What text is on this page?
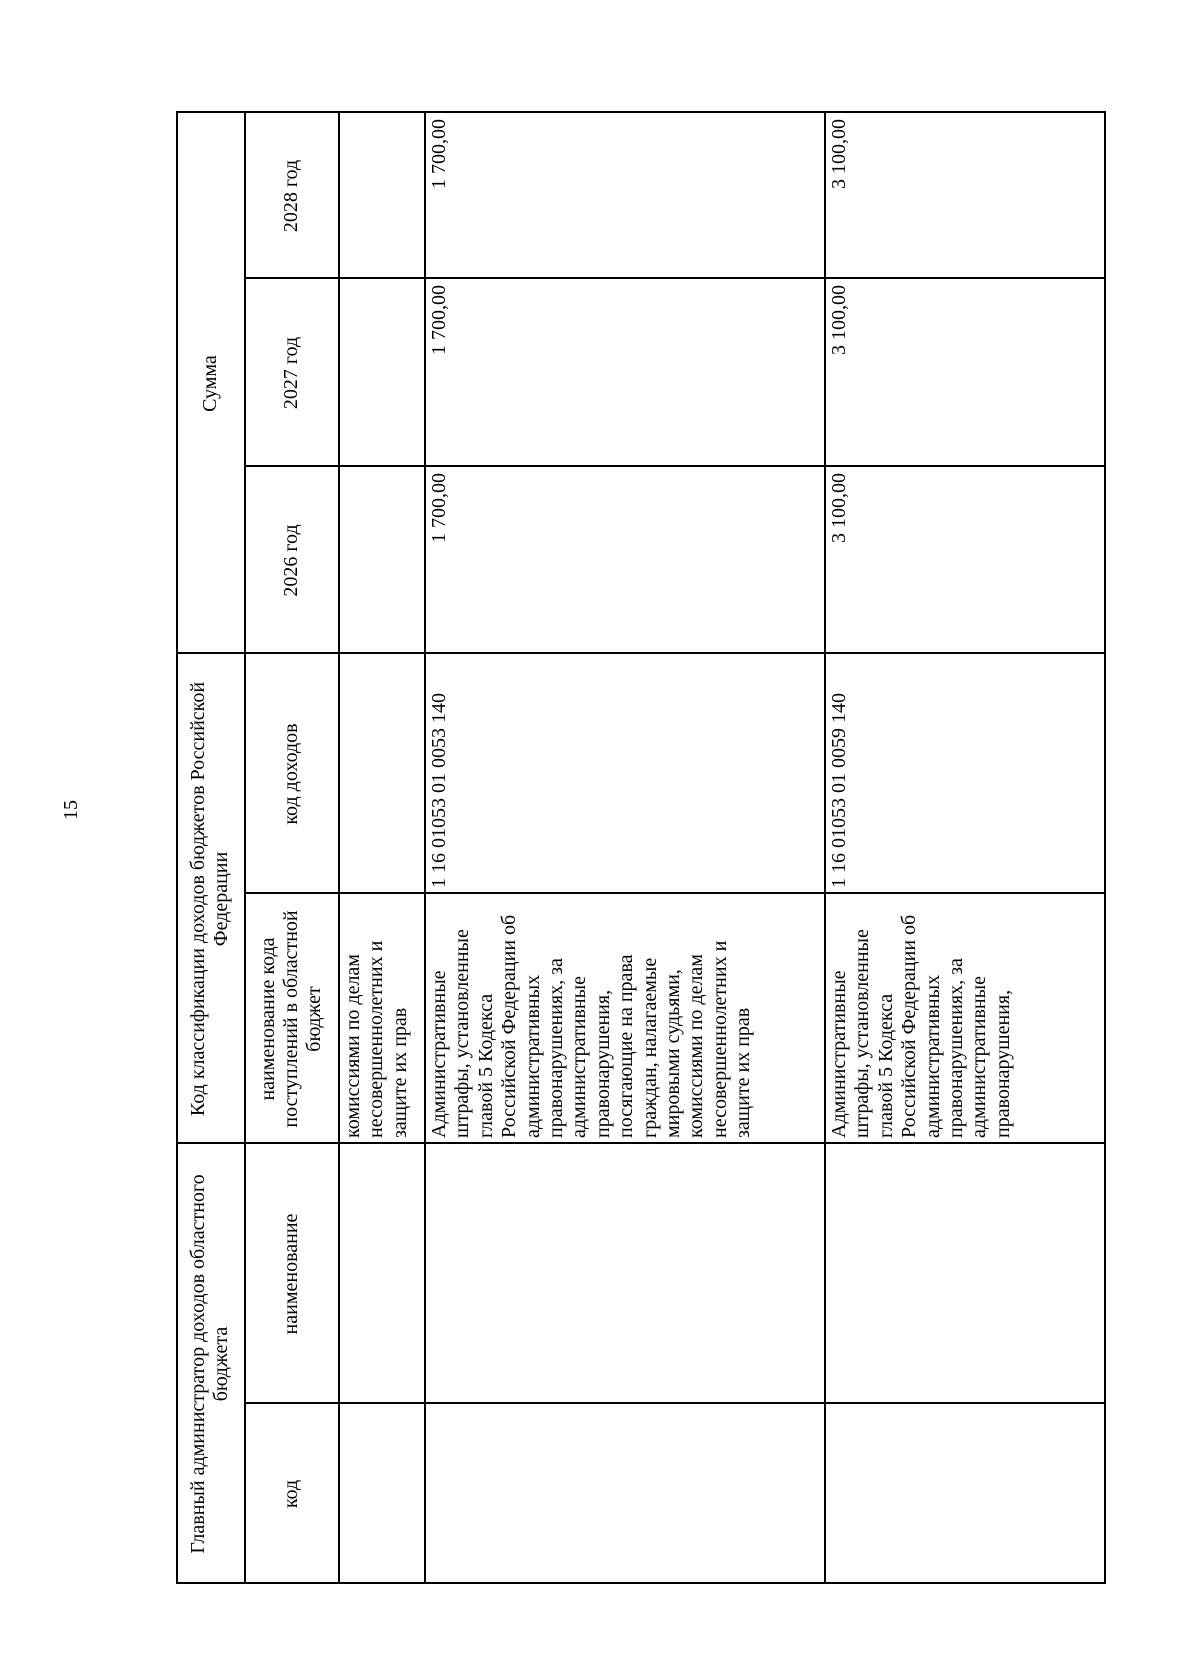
15
Главный администратор доходов областного бюджета
Код классификации доходов бюджетов Российской Федерации
Сумма
код
наименование
наименование кода поступлений в областной бюджет
код доходов
2026 год
2027 год
2028 год
комиссиями по делам несовершеннолетних и защите их прав Административные штрафы, установленные главой 5 Кодекса Российской Федерации об административных правонарушениях, за административные правонарушения, посягающие на права граждан, налагаемые мировыми судьями, комиссиями по делам несовершеннолетних и защите их прав
1 16 01053 01 0053 140
1 700,00
1 700,00
1 700,00
Административные штрафы, установленные главой 5 Кодекса Российской Федерации об административных правонарушениях, за административные правонарушения,
1 16 01053 01 0059 140
3 100,00
3 100,00
3 100,00
